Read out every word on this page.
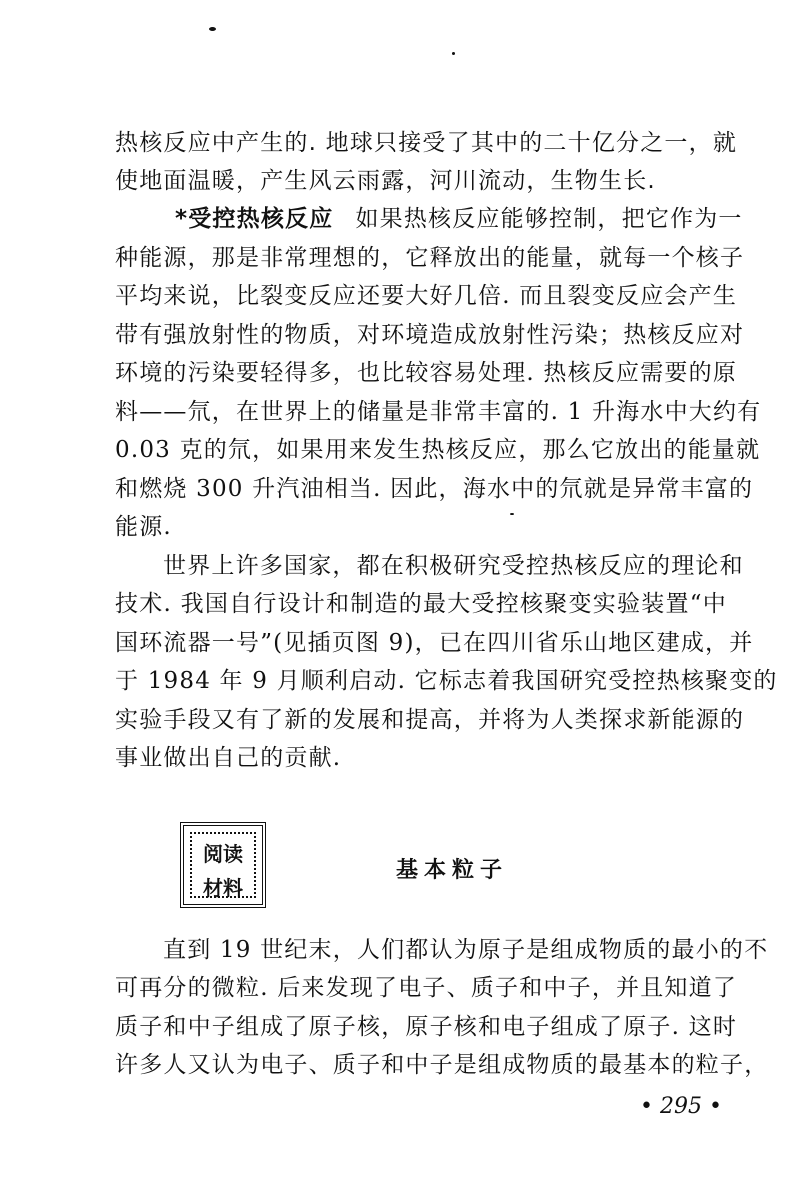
热核反应中产生的. 地球只接受了其中的二十亿分之一，就
使地面温暖，产生风云雨露，河川流动，生物生长.
*受控热核反应 如果热核反应能够控制，把它作为一
种能源，那是非常理想的，它释放出的能量，就每一个核子
平均来说，比裂变反应还要大好几倍. 而且裂变反应会产生
带有强放射性的物质，对环境造成放射性污染；热核反应对
环境的污染要轻得多，也比较容易处理. 热核反应需要的原
料——氘，在世界上的储量是非常丰富的. 1 升海水中大约有
0.03 克的氘，如果用来发生热核反应，那么它放出的能量就
和燃烧 300 升汽油相当. 因此，海水中的氘就是异常丰富的
能源.
世界上许多国家，都在积极研究受控热核反应的理论和
技术. 我国自行设计和制造的最大受控核聚变实验装置“中
国环流器一号”(见插页图 9)，已在四川省乐山地区建成，并
于 1984 年 9 月顺利启动. 它标志着我国研究受控热核聚变的
实验手段又有了新的发展和提高，并将为人类探求新能源的
事业做出自己的贡献.
阅读
材料
基本粒子
直到 19 世纪末，人们都认为原子是组成物质的最小的不
可再分的微粒. 后来发现了电子、质子和中子，并且知道了
质子和中子组成了原子核，原子核和电子组成了原子. 这时
许多人又认为电子、质子和中子是组成物质的最基本的粒子，
• 295 •
